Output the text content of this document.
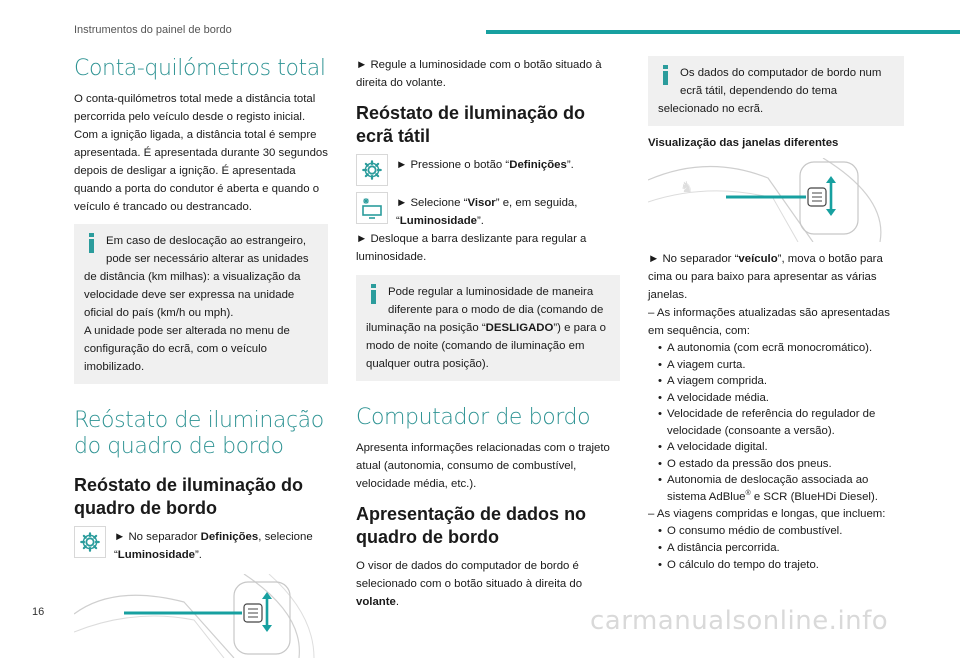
Instrumentos do painel de bordo
Conta-quilómetros total

O conta-quilómetros total mede a distância total percorrida pelo veículo desde o registo inicial.

Com a ignição ligada, a distância total é sempre apresentada. É apresentada durante 30 segundos depois de desligar a ignição. É apresentada quando a porta do condutor é aberta e quando o veículo é trancado ou destrancado.

Em caso de deslocação ao estrangeiro, pode ser necessário alterar as unidades de distância (km milhas): a visualização da velocidade deve ser expressa na unidade oficial do país (km/h ou mph).
A unidade pode ser alterada no menu de configuração do ecrã, com o veículo imobilizado.
Reóstato de iluminação do quadro de bordo
Reóstato de iluminação do quadro de bordo

► No separador Definições, selecione “Luminosidade”.

► Regule a luminosidade com o botão situado à direita do volante.

Reóstato de iluminação do ecrã tátil

► Pressione o botão “Definições”.

► Selecione “Visor” e, em seguida, “Luminosidade”.

► Desloque a barra deslizante para regular a luminosidade.

Pode regular a luminosidade de maneira diferente para o modo de dia (comando de iluminação na posição “DESLIGADO”) e para o modo de noite (comando de iluminação em qualquer outra posição).
Computador de bordo

Apresenta informações relacionadas com o trajeto atual (autonomia, consumo de combustível, velocidade média, etc.).

Apresentação de dados no quadro de bordo

O visor de dados do computador de bordo é selecionado com o botão situado à direita do volante.

Os dados do computador de bordo num ecrã tátil, dependendo do tema selecionado no ecrã.

Visualização das janelas diferentes

♞

► No separador “veículo”, mova o botão para cima ou para baixo para apresentar as várias janelas.

– As informações atualizadas são apresentadas em sequência, com:

• A autonomia (com ecrã monocromático).
• A viagem curta.
• A viagem comprida.
• A velocidade média.
• Velocidade de referência do regulador de velocidade (consoante a versão).
• A velocidade digital.
• O estado da pressão dos pneus.
• Autonomia de deslocação associada ao sistema AdBlue® e SCR (BlueHDi Diesel).

– As viagens compridas e longas, que incluem:

• O consumo médio de combustível.
• A distância percorrida.
• O cálculo do tempo do trajeto.
16	carmanualsonline.info
